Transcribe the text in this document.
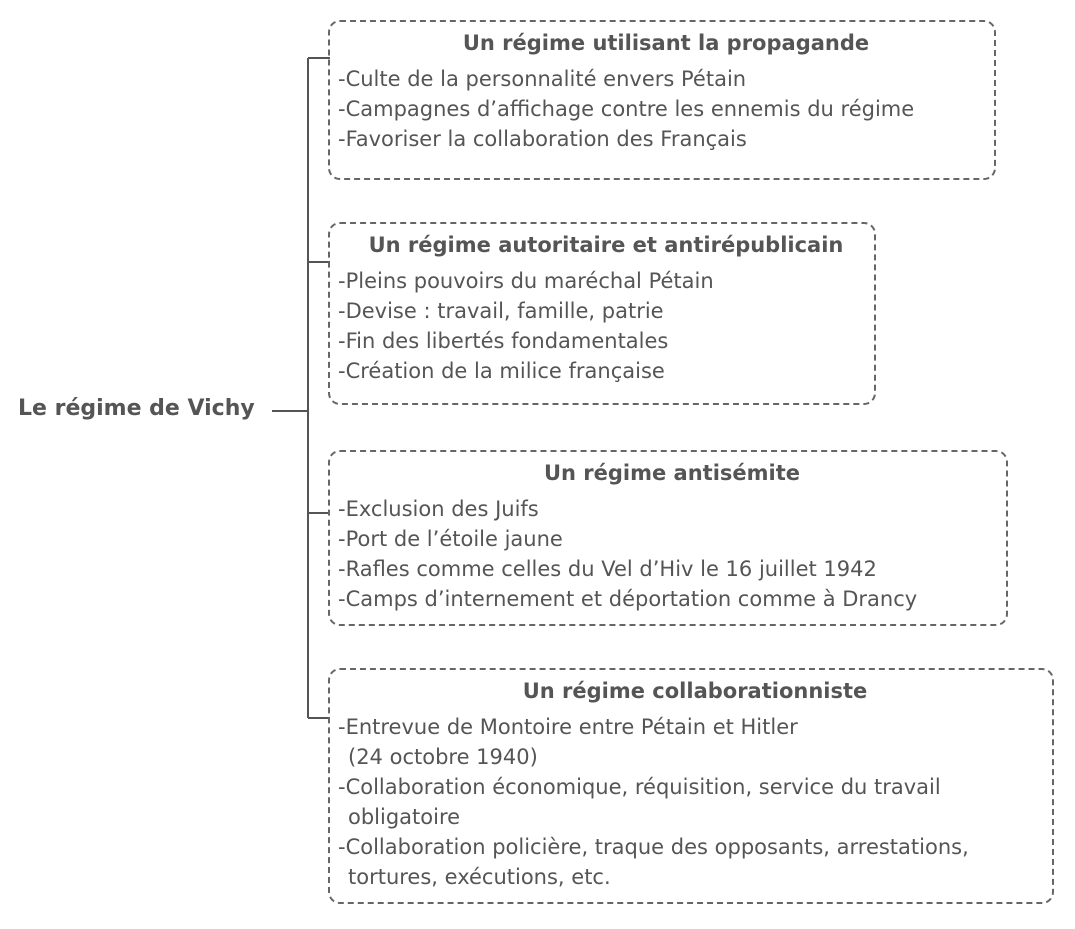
Le régime de Vichy
Un régime utilisant la propagande
-Culte de la personnalité envers Pétain
-Campagnes d’affichage contre les ennemis du régime
-Favoriser la collaboration des Français
Un régime autoritaire et antirépublicain
-Pleins pouvoirs du maréchal Pétain
-Devise : travail, famille, patrie
-Fin des libertés fondamentales
-Création de la milice française
Un régime antisémite
-Exclusion des Juifs
-Port de l’étoile jaune
-Rafles comme celles du Vel d’Hiv le 16 juillet 1942
-Camps d’internement et déportation comme à Drancy
Un régime collaborationniste
-Entrevue de Montoire entre Pétain et Hitler
(24 octobre 1940)
-Collaboration économique, réquisition, service du travail
obligatoire
-Collaboration policière, traque des opposants, arrestations,
tortures, exécutions, etc.
